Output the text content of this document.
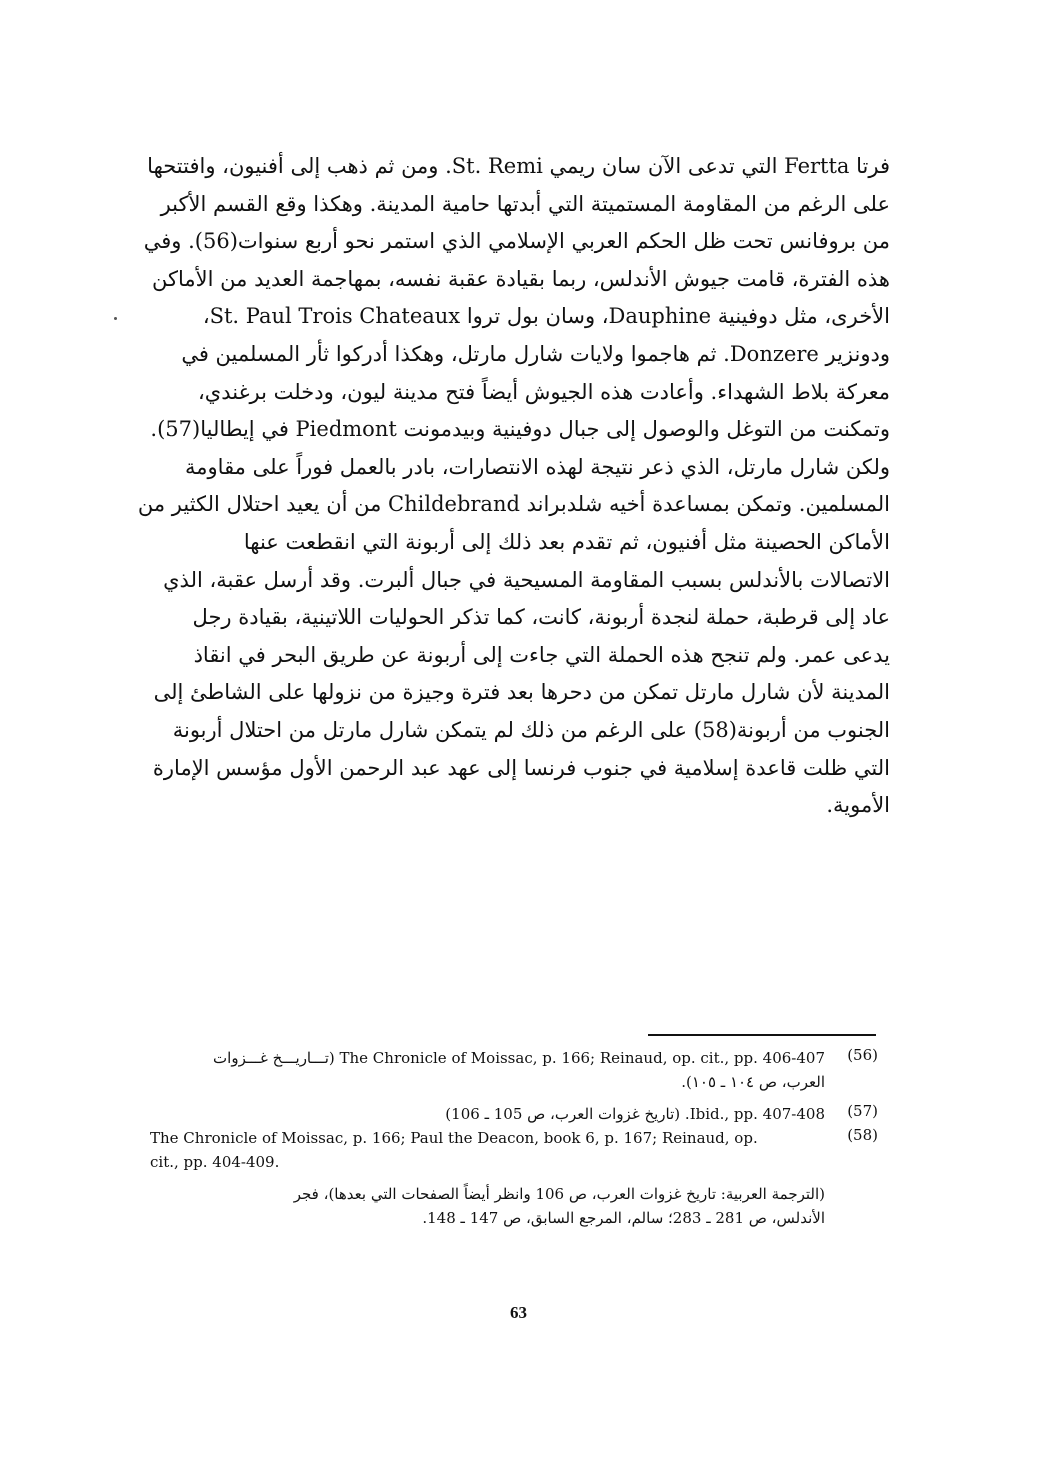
فرتا Fertta التي تدعى الآن سان ريمي St. Remi. ومن ثم ذهب إلى أفنيون، وافتتحها
على الرغم من المقاومة المستميتة التي أبدتها حامية المدينة. وهكذا وقع القسم الأكبر
من بروفانس تحت ظل الحكم العربي الإسلامي الذي استمر نحو أربع سنوات(56). وفي
هذه الفترة، قامت جيوش الأندلس، ربما بقيادة عقبة نفسه، بمهاجمة العديد من الأماكن
الأخرى، مثل دوفينية Dauphine، وسان بول تروا St. Paul Trois Chateaux،
ودونزير Donzere. ثم هاجموا ولايات شارل مارتل، وهكذا أدركوا ثأر المسلمين في
معركة بلاط الشهداء. وأعادت هذه الجيوش أيضاً فتح مدينة ليون، ودخلت برغندي،
وتمكنت من التوغل والوصول إلى جبال دوفينية وبيدمونت Piedmont في إيطاليا(57).
ولكن شارل مارتل، الذي ذعر نتيجة لهذه الانتصارات، بادر بالعمل فوراً على مقاومة
المسلمين. وتمكن بمساعدة أخيه شلدبراند Childebrand من أن يعيد احتلال الكثير من
الأماكن الحصينة مثل أفنيون، ثم تقدم بعد ذلك إلى أربونة التي انقطعت عنها
الاتصالات بالأندلس بسبب المقاومة المسيحية في جبال ألبرت. وقد أرسل عقبة، الذي
عاد إلى قرطبة، حملة لنجدة أربونة، كانت، كما تذكر الحوليات اللاتينية، بقيادة رجل
يدعى عمر. ولم تنجح هذه الحملة التي جاءت إلى أربونة عن طريق البحر في انقاذ
المدينة لأن شارل مارتل تمكن من دحرها بعد فترة وجيزة من نزولها على الشاطئ إلى
الجنوب من أربونة(58) على الرغم من ذلك لم يتمكن شارل مارتل من احتلال أربونة
التي ظلت قاعدة إسلامية في جنوب فرنسا إلى عهد عبد الرحمن الأول مؤسس الإمارة
الأموية.
(56)
The Chronicle of Moissac, p. 166; Reinaud, op. cit., pp. 406-407 (تـــاريـــخ غـــزوات
العرب، ص ١٠٤ ـ ١٠٥).
(57)
Ibid., pp. 407-408. (تاريخ غزوات العرب، ص 105 ـ 106)
(58)
The Chronicle of Moissac, p. 166; Paul the Deacon, book 6, p. 167; Reinaud, op.
cit., pp. 404-409.
(الترجمة العربية: تاريخ غزوات العرب، ص 106 وانظر أيضاً الصفحات التي بعدها)، فجر
الأندلس، ص 281 ـ 283؛ سالم، المرجع السابق، ص 147 ـ 148.
63
